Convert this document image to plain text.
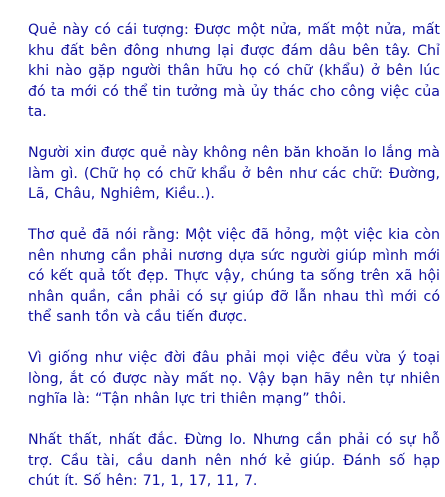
Quẻ này có cái tượng: Được một nửa, mất một nửa, mất khu đất bên đông nhưng lại được đám dâu bên tây. Chỉ khi nào gặp người thân hữu họ có chữ (khẩu) ở bên lúc đó ta mới có thể tin tưởng mà ủy thác cho công việc của ta.

Người xin được quẻ này không nên băn khoăn lo lắng mà làm gì. (Chữ họ có chữ khẩu ở bên như các chữ: Đường, Lã, Châu, Nghiêm, Kiều..).

Thơ quẻ đã nói rằng: Một việc đã hỏng, một việc kia còn nên nhưng cần phải nương dựa sức người giúp mình mới có kết quả tốt đẹp. Thực vậy, chúng ta sống trên xã hội nhân quần, cần phải có sự giúp đỡ lẫn nhau thì mới có thể sanh tồn và cầu tiến được.

Vì giống như việc đời đâu phải mọi việc đều vừa ý toại lòng, ắt có được này mất nọ. Vậy bạn hãy nên tự nhiên nghĩa là: “Tận nhân lực tri thiên mạng” thôi.

Nhất thất, nhất đắc. Đừng lo. Nhưng cần phải có sự hỗ trợ. Cầu tài, cầu danh nên nhớ kẻ giúp. Đánh số hạp chút ít. Số hên: 71, 1, 17, 11, 7.
